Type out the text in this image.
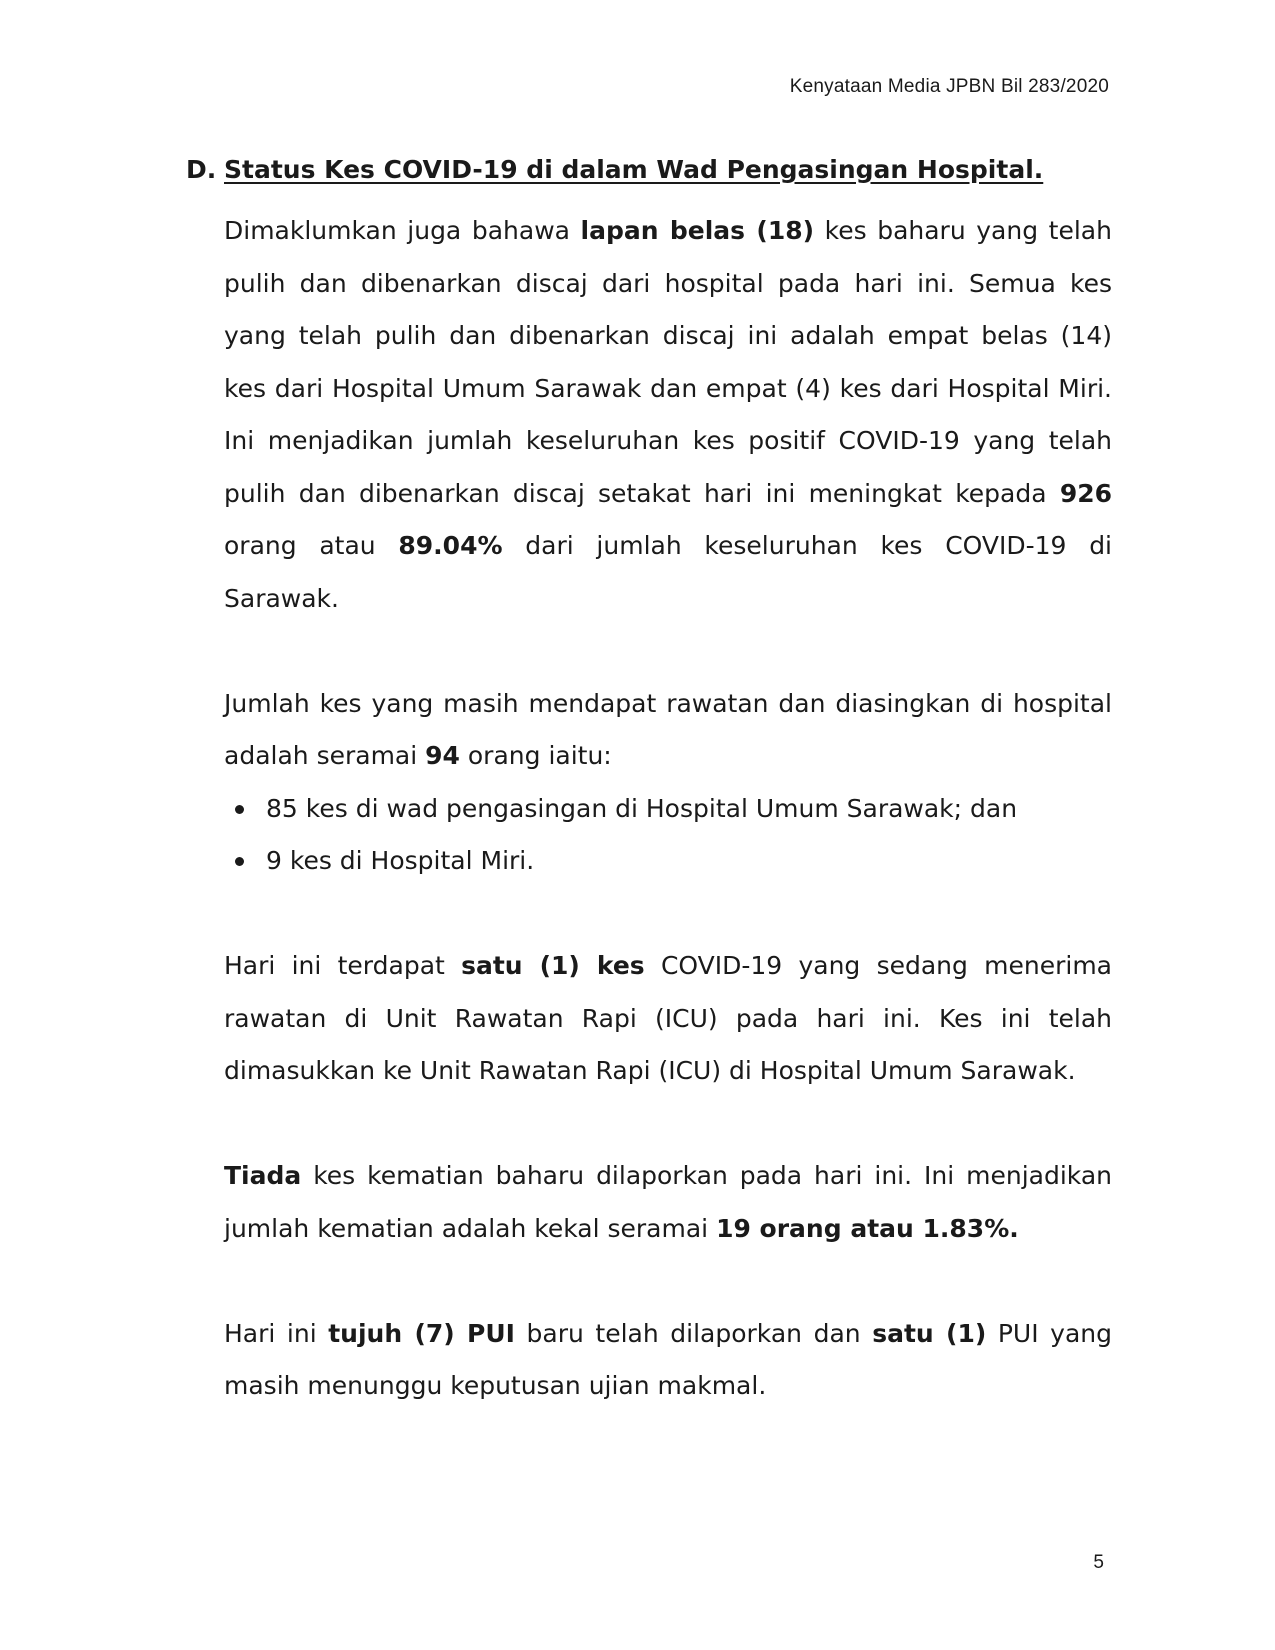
Kenyataan Media JPBN Bil 283/2020
D. Status Kes COVID-19 di dalam Wad Pengasingan Hospital.

Dimaklumkan juga bahawa lapan belas (18) kes baharu yang telah pulih dan dibenarkan discaj dari hospital pada hari ini. Semua kes yang telah pulih dan dibenarkan discaj ini adalah empat belas (14) kes dari Hospital Umum Sarawak dan empat (4) kes dari Hospital Miri. Ini menjadikan jumlah keseluruhan kes positif COVID-19 yang telah pulih dan dibenarkan discaj setakat hari ini meningkat kepada 926 orang atau 89.04% dari jumlah keseluruhan kes COVID-19 di Sarawak.

Jumlah kes yang masih mendapat rawatan dan diasingkan di hospital adalah seramai 94 orang iaitu:

85 kes di wad pengasingan di Hospital Umum Sarawak; dan
9 kes di Hospital Miri.

Hari ini terdapat satu (1) kes COVID-19 yang sedang menerima rawatan di Unit Rawatan Rapi (ICU) pada hari ini. Kes ini telah dimasukkan ke Unit Rawatan Rapi (ICU) di Hospital Umum Sarawak.

Tiada kes kematian baharu dilaporkan pada hari ini. Ini menjadikan jumlah kematian adalah kekal seramai 19 orang atau 1.83%.

Hari ini tujuh (7) PUI baru telah dilaporkan dan satu (1) PUI yang masih menunggu keputusan ujian makmal.

5
